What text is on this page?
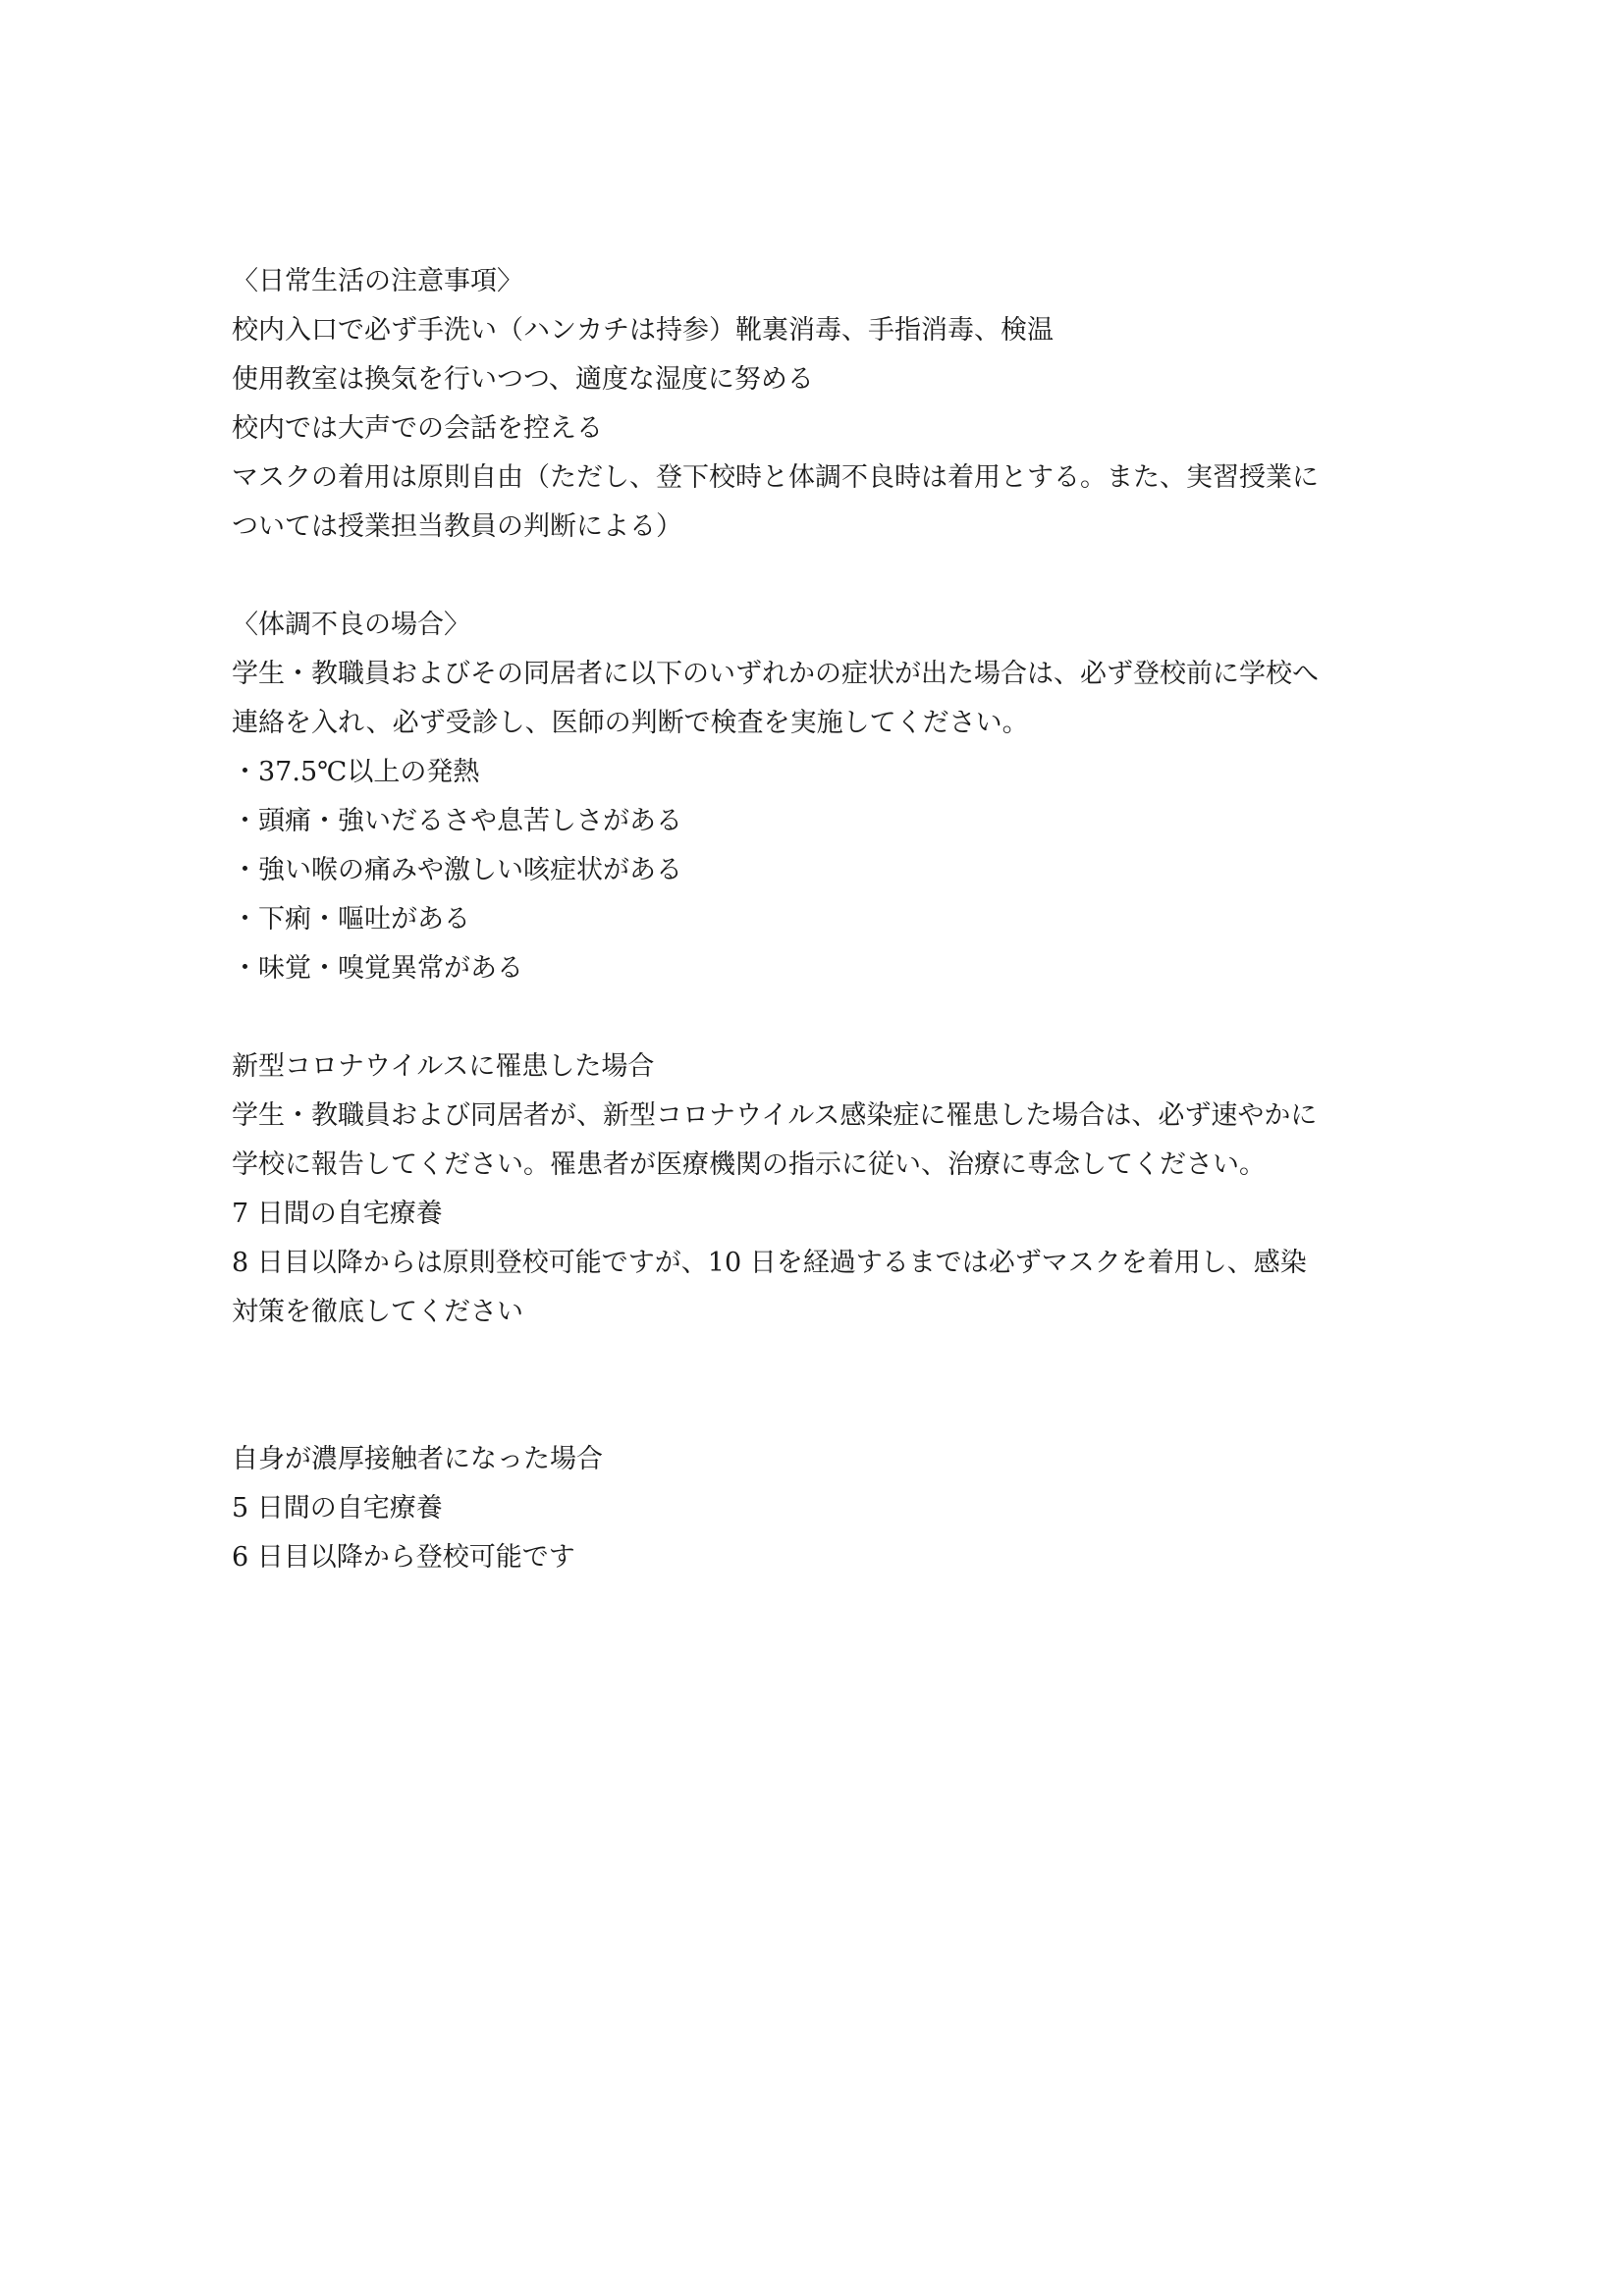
〈日常生活の注意事項〉
校内入口で必ず手洗い（ハンカチは持参）靴裏消毒、手指消毒、検温
使用教室は換気を行いつつ、適度な湿度に努める
校内では大声での会話を控える
マスクの着用は原則自由（ただし、登下校時と体調不良時は着用とする。また、実習授業に
ついては授業担当教員の判断による）
〈体調不良の場合〉
学生・教職員およびその同居者に以下のいずれかの症状が出た場合は、必ず登校前に学校へ
連絡を入れ、必ず受診し、医師の判断で検査を実施してください。
・37.5℃以上の発熱
・頭痛・強いだるさや息苦しさがある
・強い喉の痛みや激しい咳症状がある
・下痢・嘔吐がある
・味覚・嗅覚異常がある
新型コロナウイルスに罹患した場合
学生・教職員および同居者が、新型コロナウイルス感染症に罹患した場合は、必ず速やかに
学校に報告してください。罹患者が医療機関の指示に従い、治療に専念してください。
7 日間の自宅療養
8 日目以降からは原則登校可能ですが、10 日を経過するまでは必ずマスクを着用し、感染
対策を徹底してください
自身が濃厚接触者になった場合
5 日間の自宅療養
6 日目以降から登校可能です
